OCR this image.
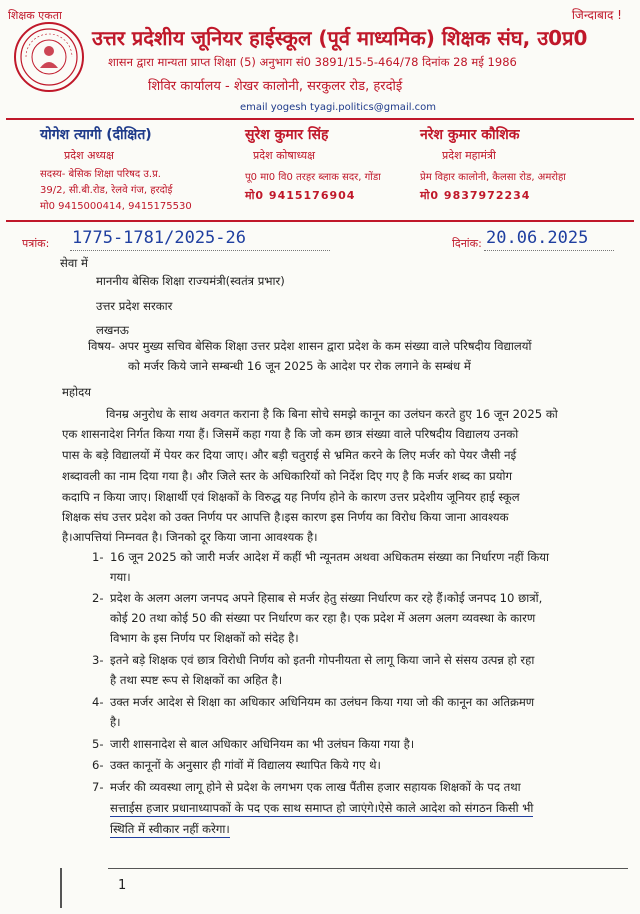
शिक्षक एकता	जिन्दाबाद !
उत्तर प्रदेशीय जूनियर हाईस्कूल (पूर्व माध्यमिक) शिक्षक संघ, उ0प्र0
शासन द्वारा मान्यता प्राप्त शिक्षा (5) अनुभाग सं0 3891/15-5-464/78 दिनांक 28 मई 1986
शिविर कार्यालय - शेखर कालोनी, सरकुलर रोड, हरदोई
email yogesh tyagi.politics@gmail.com
योगेश त्यागी (दीक्षित)
प्रदेश अध्यक्ष
सदस्य- बेसिक शिक्षा परिषद उ.प्र.
39/2, सी.बी.रोड, रेलवे गंज, हरदोई
मो0 9415000414, 9415175530
सुरेश कुमार सिंह
प्रदेश कोषाध्यक्ष
पू0 मा0 वि0 तरहर ब्लाक सदर, गोंडा
मो0 9415176904
नरेश कुमार कौशिक
प्रदेश महामंत्री
प्रेम विहार कालोनी, कैलसा रोड, अमरोहा
मो0 9837972234
पत्रांक: 1775-1781/2025-26	दिनांक: 20.06.2025
सेवा में
माननीय बेसिक शिक्षा राज्यमंत्री(स्वतंत्र प्रभार)
उत्तर प्रदेश सरकार
लखनऊ
विषय- अपर मुख्य सचिव बेसिक शिक्षा उत्तर प्रदेश शासन द्वारा प्रदेश के कम संख्या वाले परिषदीय विद्यालयों
को मर्जर किये जाने सम्बन्धी 16 जून 2025 के आदेश पर रोक लगाने के सम्बंध में
महोदय
विनम्र अनुरोध के साथ अवगत कराना है कि बिना सोचे समझे कानून का उलंघन करते हुए 16 जून 2025 को
एक शासनादेश निर्गत किया गया हैं। जिसमें कहा गया है कि जो कम छात्र संख्या वाले परिषदीय विद्यालय उनको
पास के बड़े विद्यालयों में पेयर कर दिया जाए। और बड़ी चतुराई से भ्रमित करने के लिए मर्जर को पेयर जैसी नई
शब्दावली का नाम दिया गया है। और जिले स्तर के अधिकारियों को निर्देश दिए गए है कि मर्जर शब्द का प्रयोग
कदापि न किया जाए। शिक्षार्थी एवं शिक्षकों के विरुद्ध यह निर्णय होने के कारण उत्तर प्रदेशीय जूनियर हाई स्कूल
शिक्षक संघ उत्तर प्रदेश को उक्त निर्णय पर आपत्ति है।इस कारण इस निर्णय का विरोध किया जाना आवश्यक
है।आपत्तियां निम्नवत है। जिनको दूर किया जाना आवश्यक है।
1- 16 जून 2025 को जारी मर्जर आदेश में कहीं भी न्यूनतम अथवा अधिकतम संख्या का निर्धारण नहीं किया
गया।
2- प्रदेश के अलग अलग जनपद अपने हिसाब से मर्जर हेतु संख्या निर्धारण कर रहे हैं।कोई जनपद 10 छात्रों,
कोई 20 तथा कोई 50 की संख्या पर निर्धारण कर रहा है। एक प्रदेश में अलग अलग व्यवस्था के कारण
विभाग के इस निर्णय पर शिक्षकों को संदेह है।
3- इतने बड़े शिक्षक एवं छात्र विरोधी निर्णय को इतनी गोपनीयता से लागू किया जाने से संसय उत्पन्न हो रहा
है तथा स्पष्ट रूप से शिक्षकों का अहित है।
4- उक्त मर्जर आदेश से शिक्षा का अधिकार अधिनियम का उलंघन किया गया जो की कानून का अतिक्रमण
है।
5- जारी शासनादेश से बाल अधिकार अधिनियम का भी उलंघन किया गया है।
6- उक्त कानूनों के अनुसार ही गांवों में विद्यालय स्थापित किये गए थे।
7- मर्जर की व्यवस्था लागू होने से प्रदेश के लगभग एक लाख पैंतीस हजार सहायक शिक्षकों के पद तथा
सत्ताईस हजार प्रधानाध्यापकों के पद एक साथ समाप्त हो जाएंगे।ऐसे काले आदेश को संगठन किसी भी
स्थिति में स्वीकार नहीं करेगा।
1
